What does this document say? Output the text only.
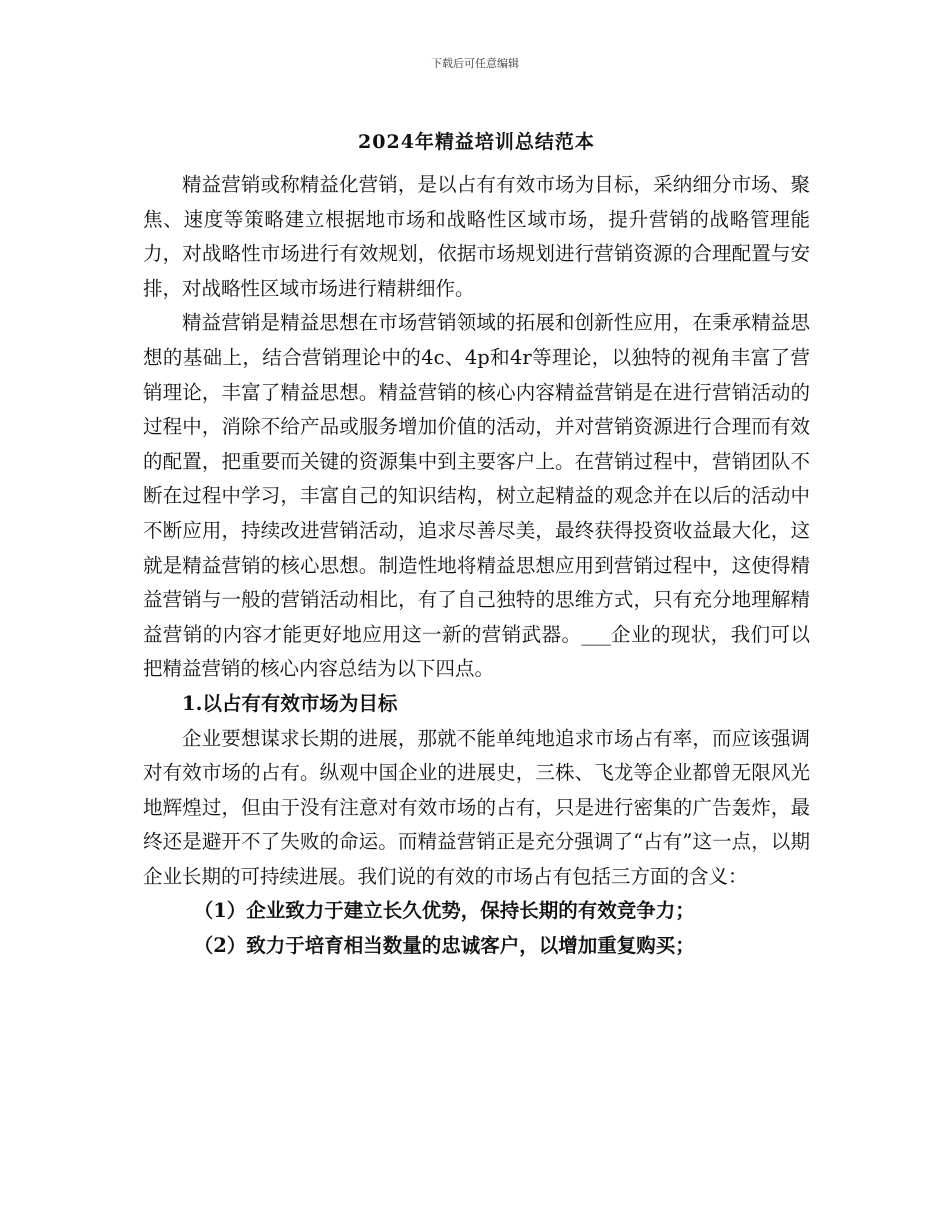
下载后可任意编辑
2024年精益培训总结范本

精益营销或称精益化营销，是以占有有效市场为目标，采纳细分市场、聚焦、速度等策略建立根据地市场和战略性区域市场，提升营销的战略管理能力，对战略性市场进行有效规划，依据市场规划进行营销资源的合理配置与安排，对战略性区域市场进行精耕细作。

精益营销是精益思想在市场营销领域的拓展和创新性应用，在秉承精益思想的基础上，结合营销理论中的4c、4p和4r等理论，以独特的视角丰富了营销理论，丰富了精益思想。精益营销的核心内容精益营销是在进行营销活动的过程中，消除不给产品或服务增加价值的活动，并对营销资源进行合理而有效的配置，把重要而关键的资源集中到主要客户上。在营销过程中，营销团队不断在过程中学习，丰富自己的知识结构，树立起精益的观念并在以后的活动中不断应用，持续改进营销活动，追求尽善尽美，最终获得投资收益最大化，这就是精益营销的核心思想。制造性地将精益思想应用到营销过程中，这使得精益营销与一般的营销活动相比，有了自己独特的思维方式，只有充分地理解精益营销的内容才能更好地应用这一新的营销武器。___企业的现状，我们可以把精益营销的核心内容总结为以下四点。

1.以占有有效市场为目标

企业要想谋求长期的进展，那就不能单纯地追求市场占有率，而应该强调对有效市场的占有。纵观中国企业的进展史，三株、飞龙等企业都曾无限风光地辉煌过，但由于没有注意对有效市场的占有，只是进行密集的广告轰炸，最终还是避开不了失败的命运。而精益营销正是充分强调了“占有”这一点，以期企业长期的可持续进展。我们说的有效的市场占有包括三方面的含义：

（1）企业致力于建立长久优势，保持长期的有效竞争力；

（2）致力于培育相当数量的忠诚客户，以增加重复购买；
